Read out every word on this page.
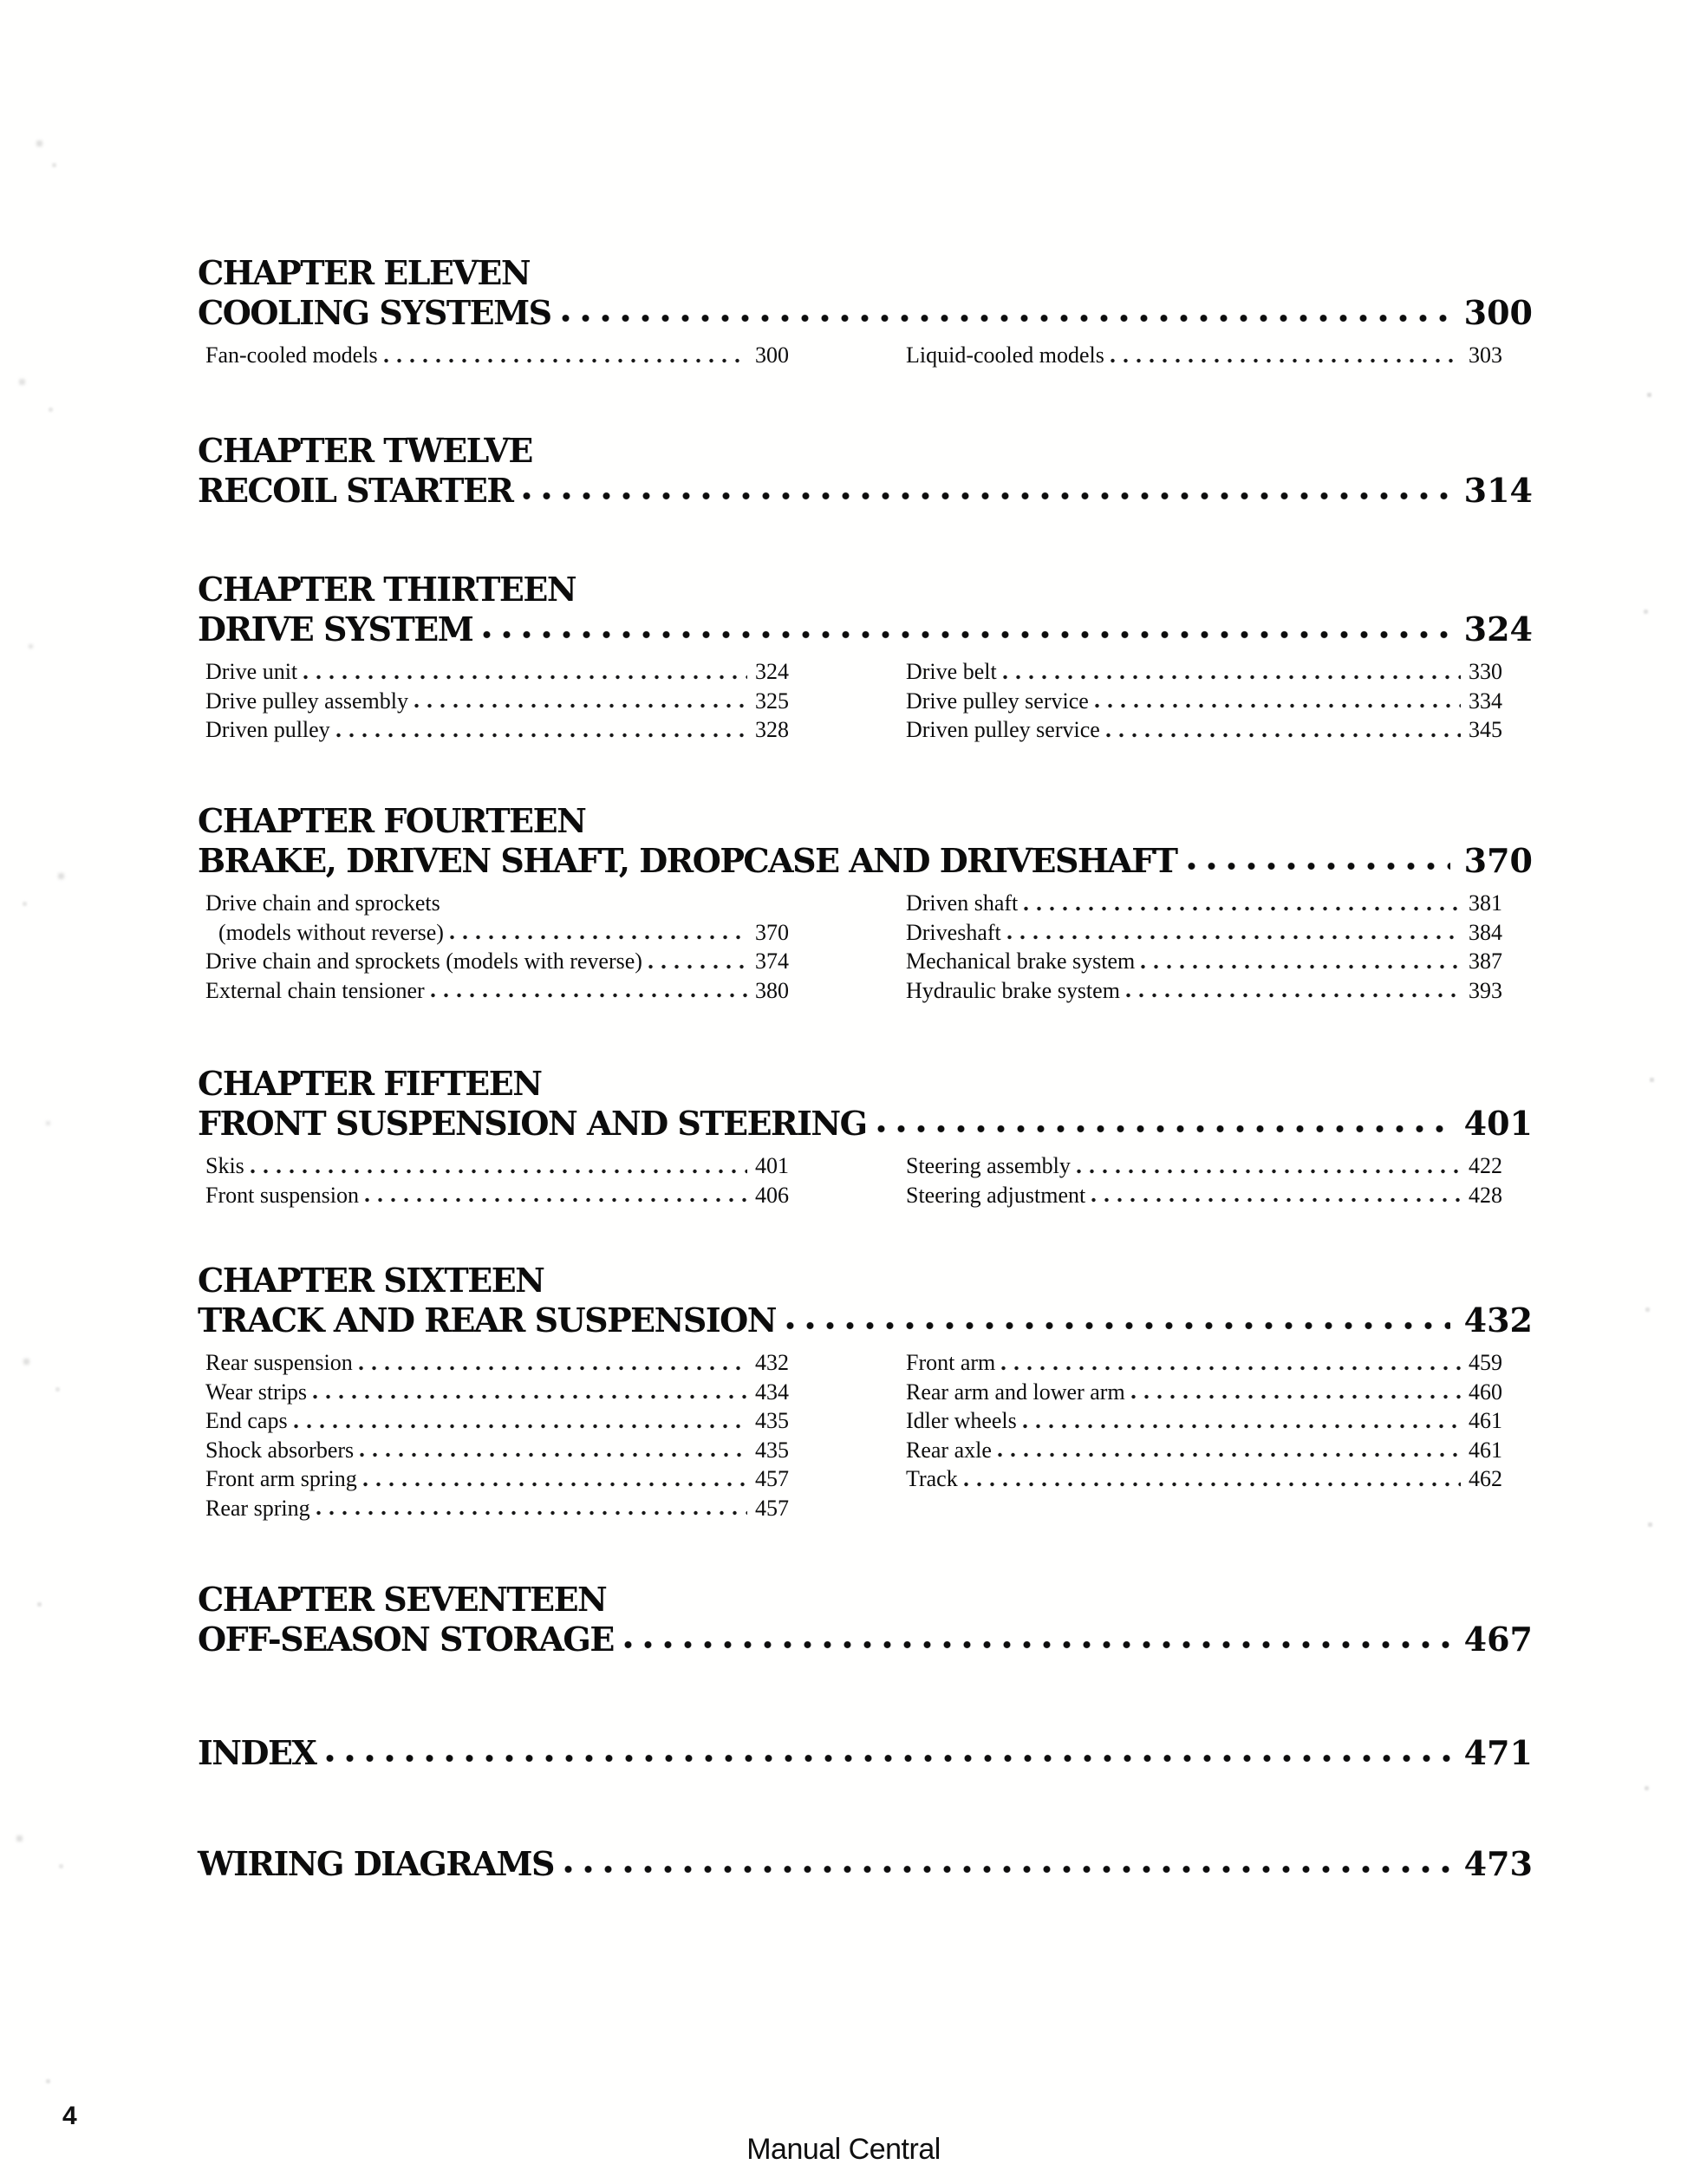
CHAPTER ELEVEN
COOLING SYSTEMS	300
Fan-cooled models	300	Liquid-cooled models	303
CHAPTER TWELVE
RECOIL STARTER	314
CHAPTER THIRTEEN
DRIVE SYSTEM	324
Drive unit	324
Drive pulley assembly	325
Driven pulley	328
Drive belt	330
Drive pulley service	334
Driven pulley service	345
CHAPTER FOURTEEN
BRAKE, DRIVEN SHAFT, DROPCASE AND DRIVESHAFT	370
Drive chain and sprockets
(models without reverse)	370
Drive chain and sprockets (models with reverse)	374
External chain tensioner	380
Driven shaft	381
Driveshaft	384
Mechanical brake system	387
Hydraulic brake system	393
CHAPTER FIFTEEN
FRONT SUSPENSION AND STEERING	401
Skis	401
Front suspension	406
Steering assembly	422
Steering adjustment	428
CHAPTER SIXTEEN
TRACK AND REAR SUSPENSION	432
Rear suspension	432
Wear strips	434
End caps	435
Shock absorbers	435
Front arm spring	457
Rear spring	457
Front arm	459
Rear arm and lower arm	460
Idler wheels	461
Rear axle	461
Track	462
CHAPTER SEVENTEEN
OFF-SEASON STORAGE	467
INDEX	471
WIRING DIAGRAMS	473
4
Manual Central
